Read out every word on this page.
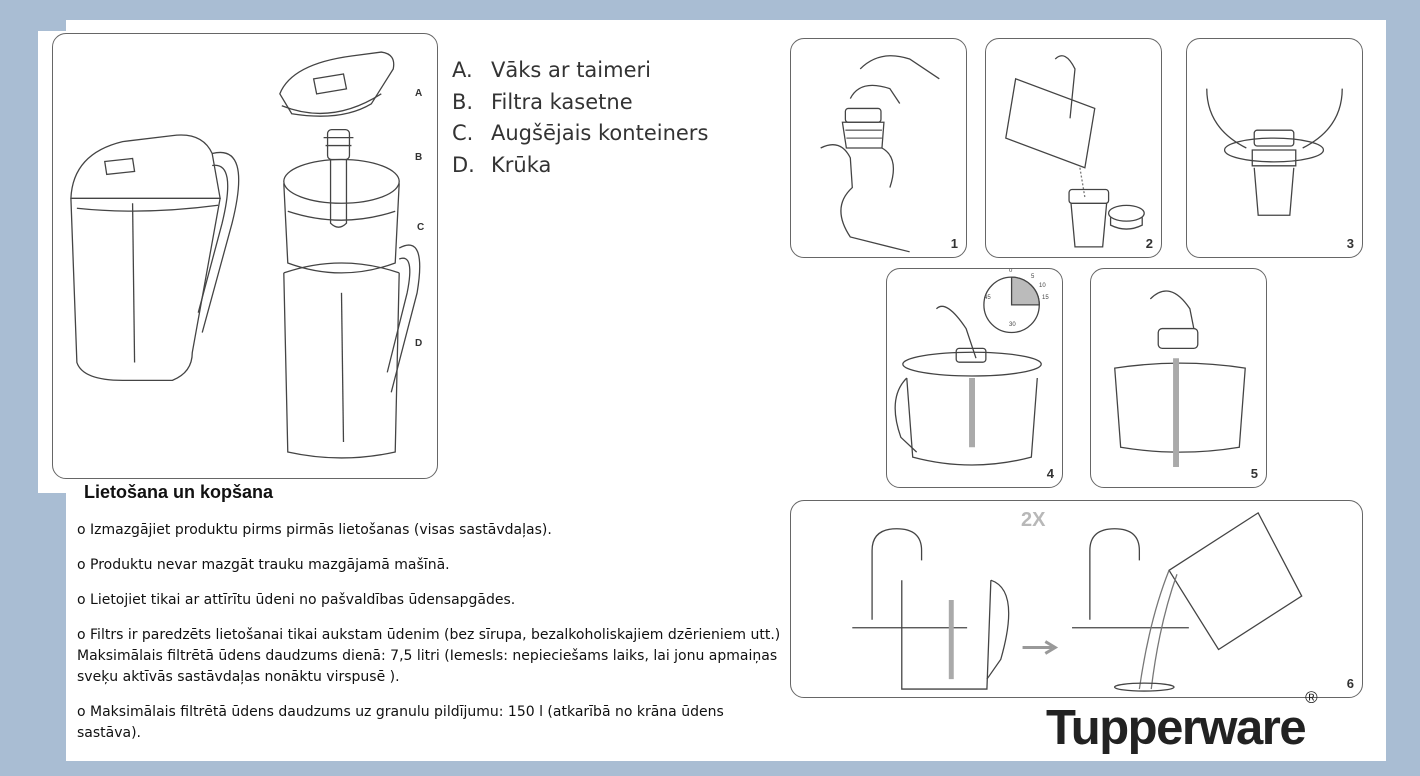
A
B
C
D
A. Vāks ar taimeri
B. Filtra kasetne
C. Augšējais konteiners
D. Krūka
Lietošana un kopšana
o Izmazgājiet produktu pirms pirmās lietošanas (visas sastāvdaļas).
o Produktu nevar mazgāt trauku mazgājamā mašīnā.
o Lietojiet tikai ar attīrītu ūdeni no pašvaldības ūdensapgādes.
o Filtrs ir paredzēts lietošanai tikai aukstam ūdenim (bez sīrupa, bezalkoholiskajiem dzērieniem utt.) Maksimālais filtrētā ūdens daudzums dienā: 7,5 litri (Iemesls: nepieciešams laiks, lai jonu apmaiņas sveķu aktīvās sastāvdaļas nonāktu virspusē ).
o Maksimālais filtrētā ūdens daudzums uz granulu pildījumu: 150 l (atkarībā no krāna ūdens sastāva).
1	2	3
0
5
10
15
30
45
4	5
2X
6
Tupperware®
